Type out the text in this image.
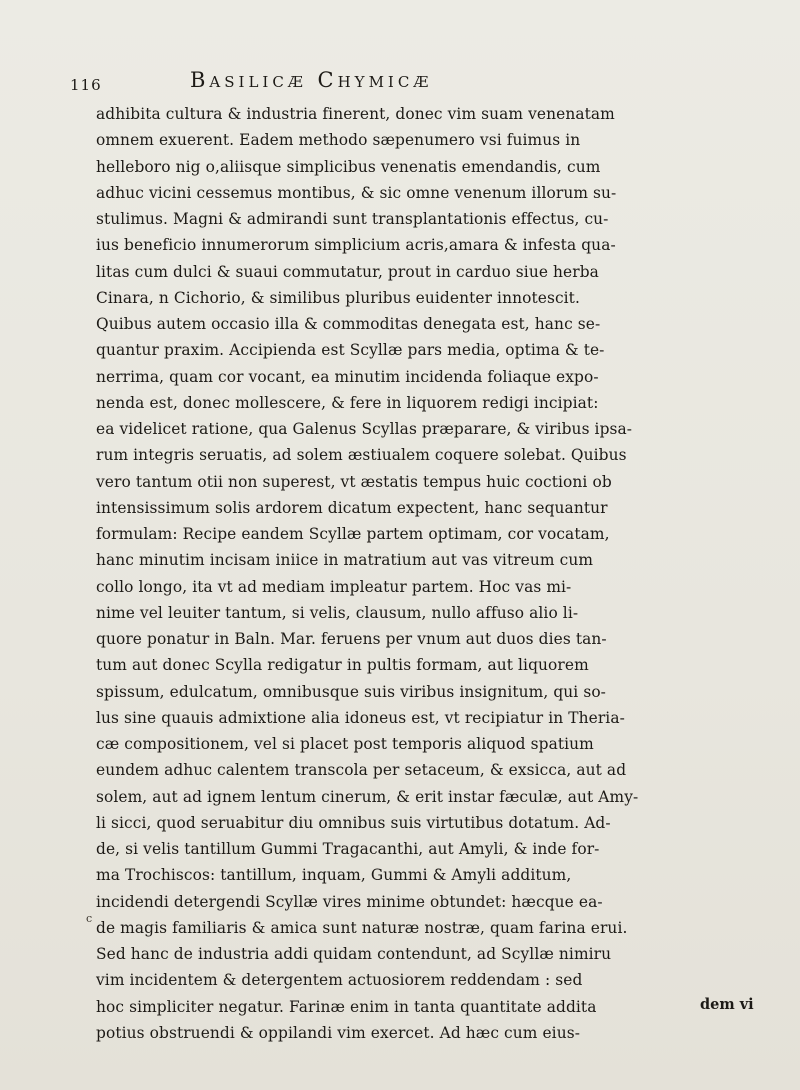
116	Basilicæ Chymicæ
adhibita cultura & industria finerent, donec vim suam venenatam
omnem exuerent. Eadem methodo sæpenumero vsi fuimus in
helleboro nig o,aliisque simplicibus venenatis emendandis, cum
adhuc vicini cessemus montibus, & sic omne venenum illorum su-
stulimus. Magni & admirandi sunt transplantationis effectus, cu-
ius beneficio innumerorum simplicium acris,amara & infesta qua-
litas cum dulci & suaui commutatur, prout in carduo siue herba
Cinara, n Cichorio, & similibus pluribus euidenter innotescit.
Quibus autem occasio illa & commoditas denegata est, hanc se-
quantur praxim. Accipienda est Scyllæ pars media, optima & te-
nerrima, quam cor vocant, ea minutim incidenda foliaque expo-
nenda est, donec mollescere, & fere in liquorem redigi incipiat:
ea videlicet ratione, qua Galenus Scyllas præparare, & viribus ipsa-
rum integris seruatis, ad solem æstiualem coquere solebat. Quibus
vero tantum otii non superest, vt æstatis tempus huic coctioni ob
intensissimum solis ardorem dicatum expectent, hanc sequantur
formulam: Recipe eandem Scyllæ partem optimam, cor vocatam,
hanc minutim incisam iniice in matratium aut vas vitreum cum
collo longo, ita vt ad mediam impleatur partem. Hoc vas mi-
nime vel leuiter tantum, si velis, clausum, nullo affuso alio li-
quore ponatur in Baln. Mar. feruens per vnum aut duos dies tan-
tum aut donec Scylla redigatur in pultis formam, aut liquorem
spissum, edulcatum, omnibusque suis viribus insignitum, qui so-
lus sine quauis admixtione alia idoneus est, vt recipiatur in Theria-
cæ compositionem, vel si placet post temporis aliquod spatium
eundem adhuc calentem transcola per setaceum, & exsicca, aut ad
solem, aut ad ignem lentum cinerum, & erit instar fæculæ, aut Amy-
li sicci, quod seruabitur diu omnibus suis virtutibus dotatum. Ad-
de, si velis tantillum Gummi Tragacanthi, aut Amyli, & inde for-
ma Trochiscos: tantillum, inquam, Gummi & Amyli additum,
incidendi detergendi Scyllæ vires minime obtundet: hæcque ea-
de magis familiaris & amica sunt naturæ nostræ, quam farina erui.
Sed hanc de industria addi quidam contendunt, ad Scyllæ nimiru
vim incidentem & detergentem actuosiorem reddendam : sed
hoc simpliciter negatur. Farinæ enim in tanta quantitate addita
potius obstruendi & oppilandi vim exercet. Ad hæc cum eius-
c
dem vi
